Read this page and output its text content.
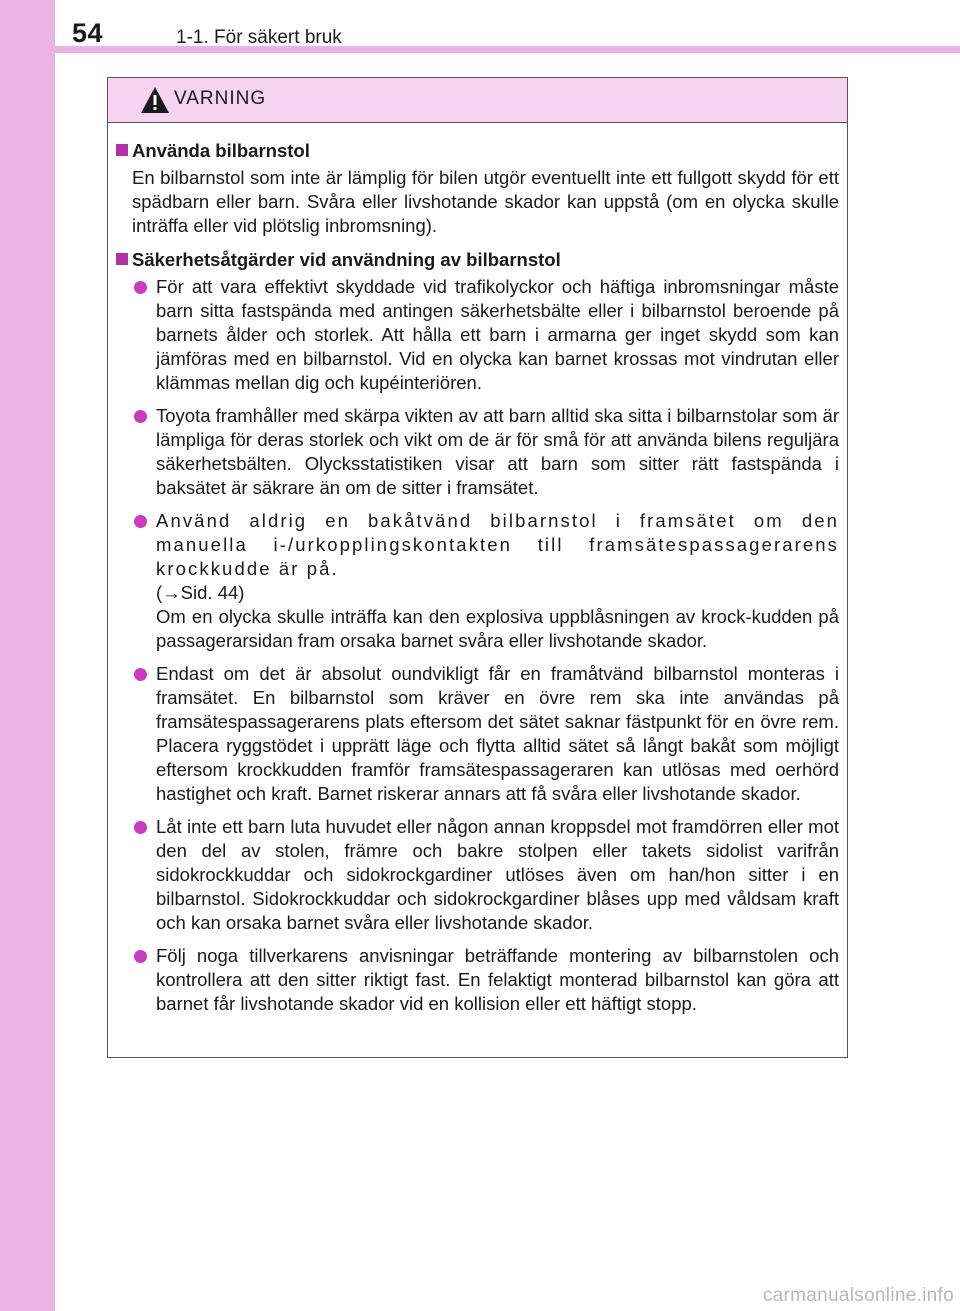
54	1-1. För säkert bruk
VARNING
Använda bilbarnstol
En bilbarnstol som inte är lämplig för bilen utgör eventuellt inte ett fullgott skydd för ett spädbarn eller barn. Svåra eller livshotande skador kan uppstå (om en olycka skulle inträffa eller vid plötslig inbromsning).
Säkerhetsåtgärder vid användning av bilbarnstol
För att vara effektivt skyddade vid trafikolyckor och häftiga inbromsningar måste barn sitta fastspända med antingen säkerhetsbälte eller i bilbarnstol beroende på barnets ålder och storlek. Att hålla ett barn i armarna ger inget skydd som kan jämföras med en bilbarnstol. Vid en olycka kan barnet krossas mot vindrutan eller klämmas mellan dig och kupéinteriören.
Toyota framhåller med skärpa vikten av att barn alltid ska sitta i bilbarnstolar som är lämpliga för deras storlek och vikt om de är för små för att använda bilens reguljära säkerhetsbälten. Olycksstatistiken visar att barn som sitter rätt fastspända i baksätet är säkrare än om de sitter i framsätet.
Använd aldrig en bakåtvänd bilbarnstol i framsätet om den manuella i-/urkopplingskontakten till framsätespassagerarens krockkudde är på.
(→Sid. 44)
Om en olycka skulle inträffa kan den explosiva uppblåsningen av krock-kudden på passagerarsidan fram orsaka barnet svåra eller livshotande skador.
Endast om det är absolut oundvikligt får en framåtvänd bilbarnstol monteras i framsätet. En bilbarnstol som kräver en övre rem ska inte användas på framsätespassagerarens plats eftersom det sätet saknar fästpunkt för en övre rem. Placera ryggstödet i upprätt läge och flytta alltid sätet så långt bakåt som möjligt eftersom krockkudden framför framsätespassageraren kan utlösas med oerhörd hastighet och kraft. Barnet riskerar annars att få svåra eller livshotande skador.
Låt inte ett barn luta huvudet eller någon annan kroppsdel mot framdörren eller mot den del av stolen, främre och bakre stolpen eller takets sidolist varifrån sidokrockkuddar och sidokrockgardiner utlöses även om han/hon sitter i en bilbarnstol. Sidokrockkuddar och sidokrockgardiner blåses upp med våldsam kraft och kan orsaka barnet svåra eller livshotande skador.
Följ noga tillverkarens anvisningar beträffande montering av bilbarnstolen och kontrollera att den sitter riktigt fast. En felaktigt monterad bilbarnstol kan göra att barnet får livshotande skador vid en kollision eller ett häftigt stopp.
carmanualsonline.info
